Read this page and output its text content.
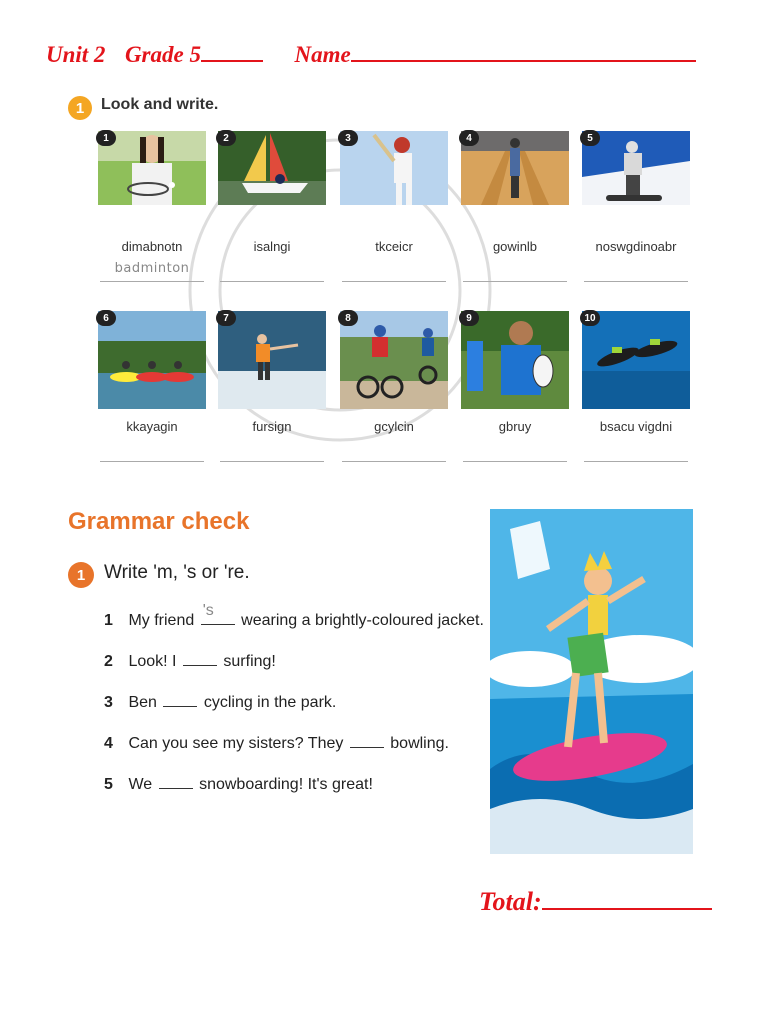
Unit 2 Grade 5	Name
1	Look and write.
1
dimabnotn
badminton
2
isalngi
3
tkceicr
4
gowinlb
5
noswgdinoabr
6
kkayagin
7
fursign
8
gcylcin
9
gbruy
10
bsacu vigdni
Grammar check
1 Write 'm, 's or 're.
1 My friend
's
wearing a brightly-coloured jacket.
2 Look! I	surfing!
3 Ben	cycling in the park.
4 Can you see my sisters? They	bowling.
5 We	snowboarding! It's great!
Total:
